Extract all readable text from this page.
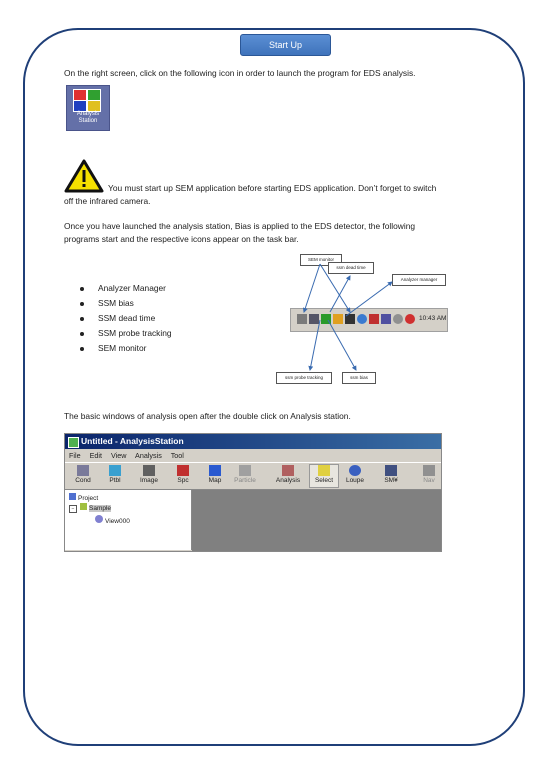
Start Up
On the right screen, click on the following icon in order to launch the program for EDS analysis.
Analysis
Station
You must start up SEM application before starting EDS application. Don’t forget to switch
off the infrared camera.
Once you have launched the analysis station, Bias is applied to the EDS detector, the following
programs start and the respective icons appear on the task bar.
Analyzer Manager
SSM bias
SSM dead time
SSM probe tracking
SEM monitor
10:43 AM
SEM monitor
ssm dead time
Analyzer manager
ssm probe tracking	ssm bias
The basic windows of analysis open after the double click on Analysis station.
Untitled - AnalysisStation
File Edit View Analysis Tool
Cond	Ptbl	Image	Spc	Map	Particle	Analysis	Select	Loupe	SM¥	Nav
Project
− Sample
View000
